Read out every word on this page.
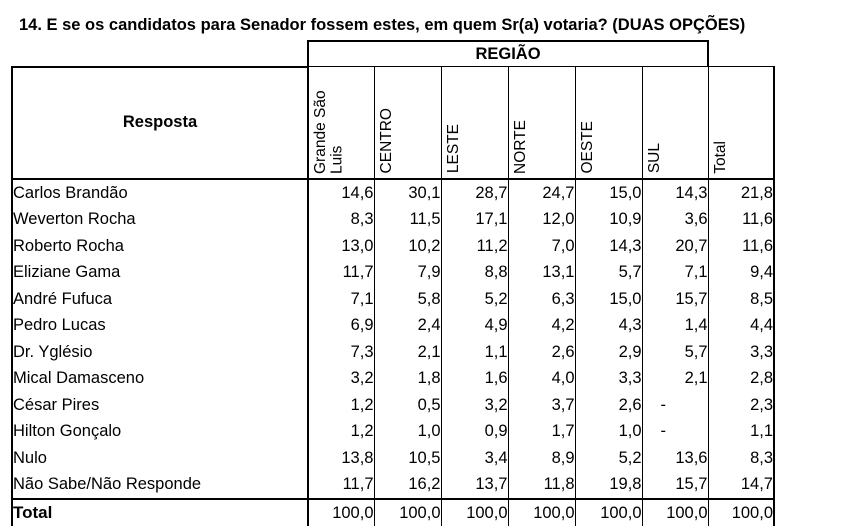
14. E se os candidatos para Senador fossem estes, em quem Sr(a) votaria? (DUAS OPÇÕES)
	REGIÃO						
Resposta	Grande São Luis	CENTRO	LESTE	NORTE	OESTE	SUL	Total

Carlos Brandão	14,6	30,1	28,7	24,7	15,0	14,3	21,8
Weverton Rocha	8,3	11,5	17,1	12,0	10,9	3,6	11,6
Roberto Rocha	13,0	10,2	11,2	7,0	14,3	20,7	11,6
Eliziane Gama	11,7	7,9	8,8	13,1	5,7	7,1	9,4
André Fufuca	7,1	5,8	5,2	6,3	15,0	15,7	8,5
Pedro Lucas	6,9	2,4	4,9	4,2	4,3	1,4	4,4
Dr. Yglésio	7,3	2,1	1,1	2,6	2,9	5,7	3,3
Mical Damasceno	3,2	1,8	1,6	4,0	3,3	2,1	2,8
César Pires	1,2	0,5	3,2	3,7	2,6	-	2,3
Hilton Gonçalo	1,2	1,0	0,9	1,7	1,0	-	1,1
Nulo	13,8	10,5	3,4	8,9	5,2	13,6	8,3
Não Sabe/Não Responde	11,7	16,2	13,7	11,8	19,8	15,7	14,7
Total	100,0	100,0	100,0	100,0	100,0	100,0	100,0
